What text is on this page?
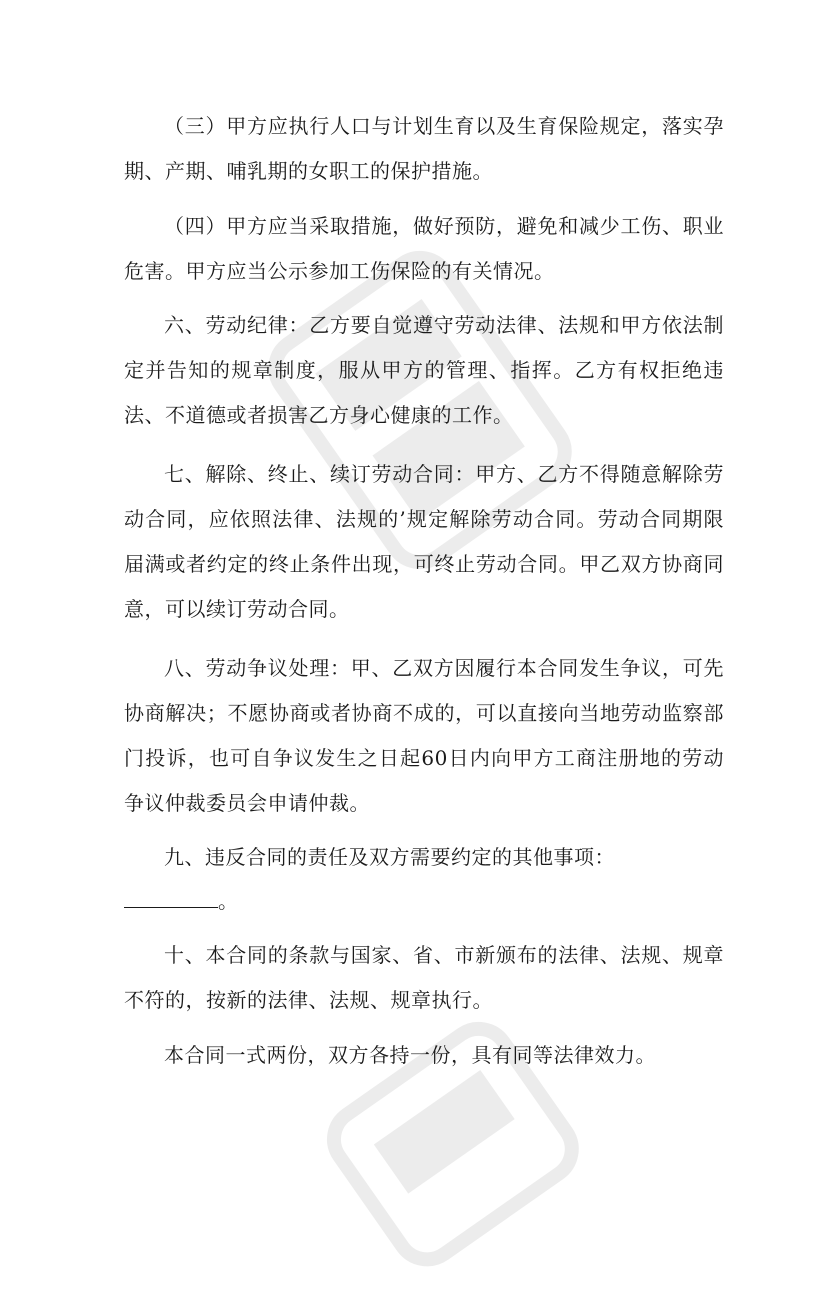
（三）甲方应执行人口与计划生育以及生育保险规定，落实孕期、产期、哺乳期的女职工的保护措施。

（四）甲方应当采取措施，做好预防，避免和减少工伤、职业危害。甲方应当公示参加工伤保险的有关情况。

六、劳动纪律：乙方要自觉遵守劳动法律、法规和甲方依法制定并告知的规章制度，服从甲方的管理、指挥。乙方有权拒绝违法、不道德或者损害乙方身心健康的工作。

七、解除、终止、续订劳动合同：甲方、乙方不得随意解除劳动合同，应依照法律、法规的’规定解除劳动合同。劳动合同期限届满或者约定的终止条件出现，可终止劳动合同。甲乙双方协商同意，可以续订劳动合同。

八、劳动争议处理：甲、乙双方因履行本合同发生争议，可先协商解决；不愿协商或者协商不成的，可以直接向当地劳动监察部门投诉，也可自争议发生之日起60日内向甲方工商注册地的劳动争议仲裁委员会申请仲裁。

九、违反合同的责任及双方需要约定的其他事项：

。

十、本合同的条款与国家、省、市新颁布的法律、法规、规章不符的，按新的法律、法规、规章执行。

本合同一式两份，双方各持一份，具有同等法律效力。
